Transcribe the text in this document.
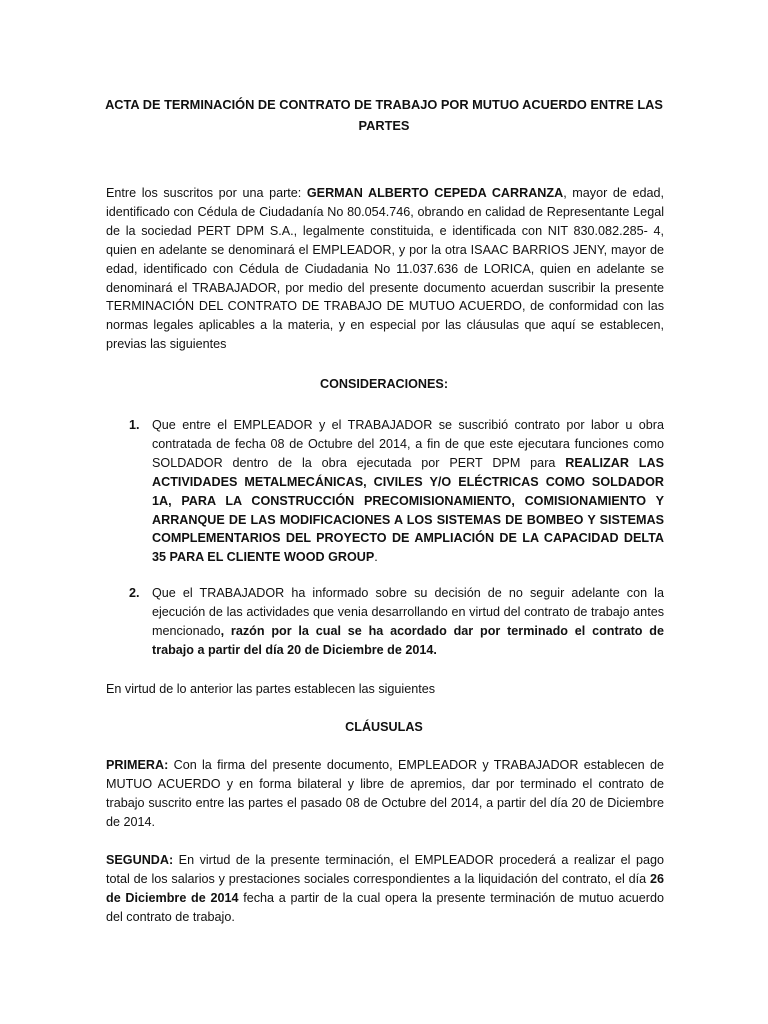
ACTA DE TERMINACIÓN DE CONTRATO DE TRABAJO POR MUTUO ACUERDO ENTRE LAS PARTES

Entre los suscritos por una parte: GERMAN ALBERTO CEPEDA CARRANZA, mayor de edad, identificado con Cédula de Ciudadanía No 80.054.746, obrando en calidad de Representante Legal de la sociedad PERT DPM S.A., legalmente constituida, e identificada con NIT 830.082.285- 4, quien en adelante se denominará el EMPLEADOR, y por la otra ISAAC BARRIOS JENY, mayor de edad, identificado con Cédula de Ciudadania No 11.037.636 de LORICA, quien en adelante se denominará el TRABAJADOR, por medio del presente documento acuerdan suscribir la presente TERMINACIÓN DEL CONTRATO DE TRABAJO DE MUTUO ACUERDO, de conformidad con las normas legales aplicables a la materia, y en especial por las cláusulas que aquí se establecen, previas las siguientes

CONSIDERACIONES:
1. Que entre el EMPLEADOR y el TRABAJADOR se suscribió contrato por labor u obra contratada de fecha 08 de Octubre del 2014, a fin de que este ejecutara funciones como SOLDADOR dentro de la obra ejecutada por PERT DPM para REALIZAR LAS ACTIVIDADES METALMECÁNICAS, CIVILES Y/O ELÉCTRICAS COMO SOLDADOR 1A, PARA LA CONSTRUCCIÓN PRECOMISIONAMIENTO, COMISIONAMIENTO Y ARRANQUE DE LAS MODIFICACIONES A LOS SISTEMAS DE BOMBEO Y SISTEMAS COMPLEMENTARIOS DEL PROYECTO DE AMPLIACIÓN DE LA CAPACIDAD DELTA 35 PARA EL CLIENTE WOOD GROUP.
2. Que el TRABAJADOR ha informado sobre su decisión de no seguir adelante con la ejecución de las actividades que venia desarrollando en virtud del contrato de trabajo antes mencionado, razón por la cual se ha acordado dar por terminado el contrato de trabajo a partir del día 20 de Diciembre de 2014.

En virtud de lo anterior las partes establecen las siguientes

CLÁUSULAS

PRIMERA: Con la firma del presente documento, EMPLEADOR y TRABAJADOR establecen de MUTUO ACUERDO y en forma bilateral y libre de apremios, dar por terminado el contrato de trabajo suscrito entre las partes el pasado 08 de Octubre del 2014, a partir del día 20 de Diciembre de 2014.

SEGUNDA: En virtud de la presente terminación, el EMPLEADOR procederá a realizar el pago total de los salarios y prestaciones sociales correspondientes a la liquidación del contrato, el día 26 de Diciembre de 2014 fecha a partir de la cual opera la presente terminación de mutuo acuerdo del contrato de trabajo.
